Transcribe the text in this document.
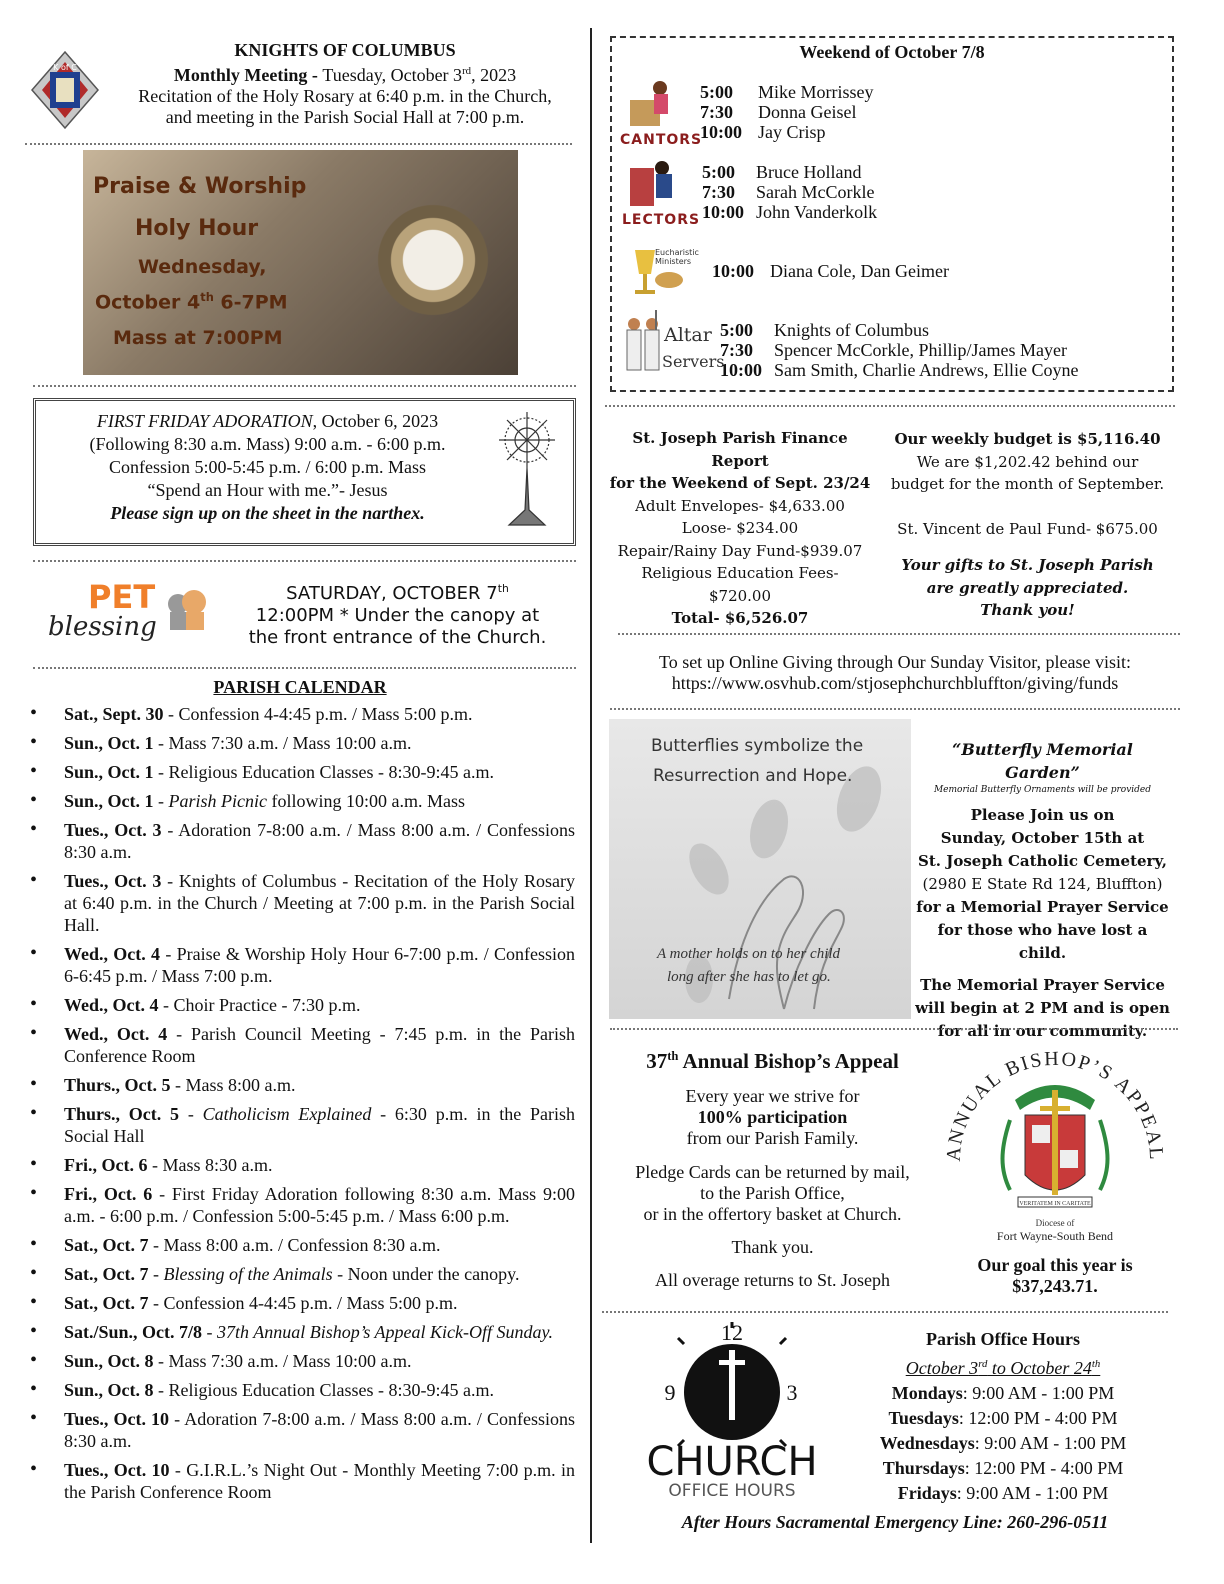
K of C
KNIGHTS OF COLUMBUS
Monthly Meeting - Tuesday, October 3rd, 2023
Recitation of the Holy Rosary at 6:40 p.m. in the Church,
and meeting in the Parish Social Hall at 7:00 p.m.
Praise & Worship
Holy Hour
Wednesday,
October 4th 6-7PM
Mass at 7:00PM
FIRST FRIDAY ADORATION, October 6, 2023
(Following 8:30 a.m. Mass) 9:00 a.m. - 6:00 p.m.
Confession 5:00-5:45 p.m. / 6:00 p.m. Mass
“Spend an Hour with me.”- Jesus
Please sign up on the sheet in the narthex.
PET
blessing
SATURDAY, OCTOBER 7th
12:00PM * Under the canopy at
the front entrance of the Church.
PARISH CALENDAR
• Sat., Sept. 30 - Confession 4-4:45 p.m. / Mass 5:00 p.m.
• Sun., Oct. 1 - Mass 7:30 a.m. / Mass 10:00 a.m.
• Sun., Oct. 1 - Religious Education Classes - 8:30-9:45 a.m.
• Sun., Oct. 1 - Parish Picnic following 10:00 a.m. Mass
• Tues., Oct. 3 - Adoration 7-8:00 a.m. / Mass 8:00 a.m. / Confessions 8:30 a.m.
• Tues., Oct. 3 - Knights of Columbus - Recitation of the Holy Rosary at 6:40 p.m. in the Church / Meeting at 7:00 p.m. in the Parish Social Hall.
• Wed., Oct. 4 - Praise & Worship Holy Hour 6-7:00 p.m. / Confession 6-6:45 p.m. / Mass 7:00 p.m.
• Wed., Oct. 4 - Choir Practice - 7:30 p.m.
• Wed., Oct. 4 - Parish Council Meeting - 7:45 p.m. in the Parish Conference Room
• Thurs., Oct. 5 - Mass 8:00 a.m.
• Thurs., Oct. 5 - Catholicism Explained - 6:30 p.m. in the Parish Social Hall
• Fri., Oct. 6 - Mass 8:30 a.m.
• Fri., Oct. 6 - First Friday Adoration following 8:30 a.m. Mass 9:00 a.m. - 6:00 p.m. / Confession 5:00-5:45 p.m. / Mass 6:00 p.m.
• Sat., Oct. 7 - Mass 8:00 a.m. / Confession 8:30 a.m.
• Sat., Oct. 7 - Blessing of the Animals - Noon under the canopy.
• Sat., Oct. 7 - Confession 4-4:45 p.m. / Mass 5:00 p.m.
• Sat./Sun., Oct. 7/8 - 37th Annual Bishop’s Appeal Kick-Off Sunday.
• Sun., Oct. 8 - Mass 7:30 a.m. / Mass 10:00 a.m.
• Sun., Oct. 8 - Religious Education Classes - 8:30-9:45 a.m.
• Tues., Oct. 10 - Adoration 7-8:00 a.m. / Mass 8:00 a.m. / Confessions 8:30 a.m.
• Tues., Oct. 10 - G.I.R.L.’s Night Out - Monthly Meeting 7:00 p.m. in the Parish Conference Room
Weekend of October 7/8
CANTORS
5:00 Mike Morrissey
7:30 Donna Geisel
10:00 Jay Crisp
LECTORS
5:00 Bruce Holland
7:30 Sarah McCorkle
10:00 John Vanderkolk
Eucharistic Ministers	10:00 Diana Cole, Dan Geimer
Altar
Servers
5:00 Knights of Columbus
7:30 Spencer McCorkle, Phillip/James Mayer
10:00 Sam Smith, Charlie Andrews, Ellie Coyne
St. Joseph Parish Finance Report
for the Weekend of Sept. 23/24
Adult Envelopes- $4,633.00
Loose- $234.00
Repair/Rainy Day Fund-$939.07
Religious Education Fees-
$720.00
Total- $6,526.07
Our weekly budget is $5,116.40
We are $1,202.42 behind our
budget for the month of September.
St. Vincent de Paul Fund- $675.00
Your gifts to St. Joseph Parish
are greatly appreciated.
Thank you!
To set up Online Giving through Our Sunday Visitor, please visit:
https://www.osvhub.com/stjosephchurchbluffton/giving/funds
Butterflies symbolize the
Resurrection and Hope.
A mother holds on to her child
long after she has to let go.
“Butterfly Memorial Garden”
Memorial Butterfly Ornaments will be provided
Please Join us on
Sunday, October 15th at
St. Joseph Catholic Cemetery,
(2980 E State Rd 124, Bluffton)
for a Memorial Prayer Service
for those who have lost a child.
The Memorial Prayer Service
will begin at 2 PM and is open
for all in our community.
37th Annual Bishop’s Appeal
Every year we strive for
100% participation
from our Parish Family.
Pledge Cards can be returned by mail,
to the Parish Office,
or in the offertory basket at Church.
Thank you.
All overage returns to St. Joseph
ANNUAL BISHOP’S APPEAL
VERITATEM IN CARITATE
Diocese of
Fort Wayne-South Bend
Our goal this year is
$37,243.71.
12
9	3
CHURCH
OFFICE HOURS
Parish Office Hours
October 3rd to October 24th
Mondays: 9:00 AM - 1:00 PM
Tuesdays: 12:00 PM - 4:00 PM
Wednesdays: 9:00 AM - 1:00 PM
Thursdays: 12:00 PM - 4:00 PM
Fridays: 9:00 AM - 1:00 PM
After Hours Sacramental Emergency Line: 260-296-0511
